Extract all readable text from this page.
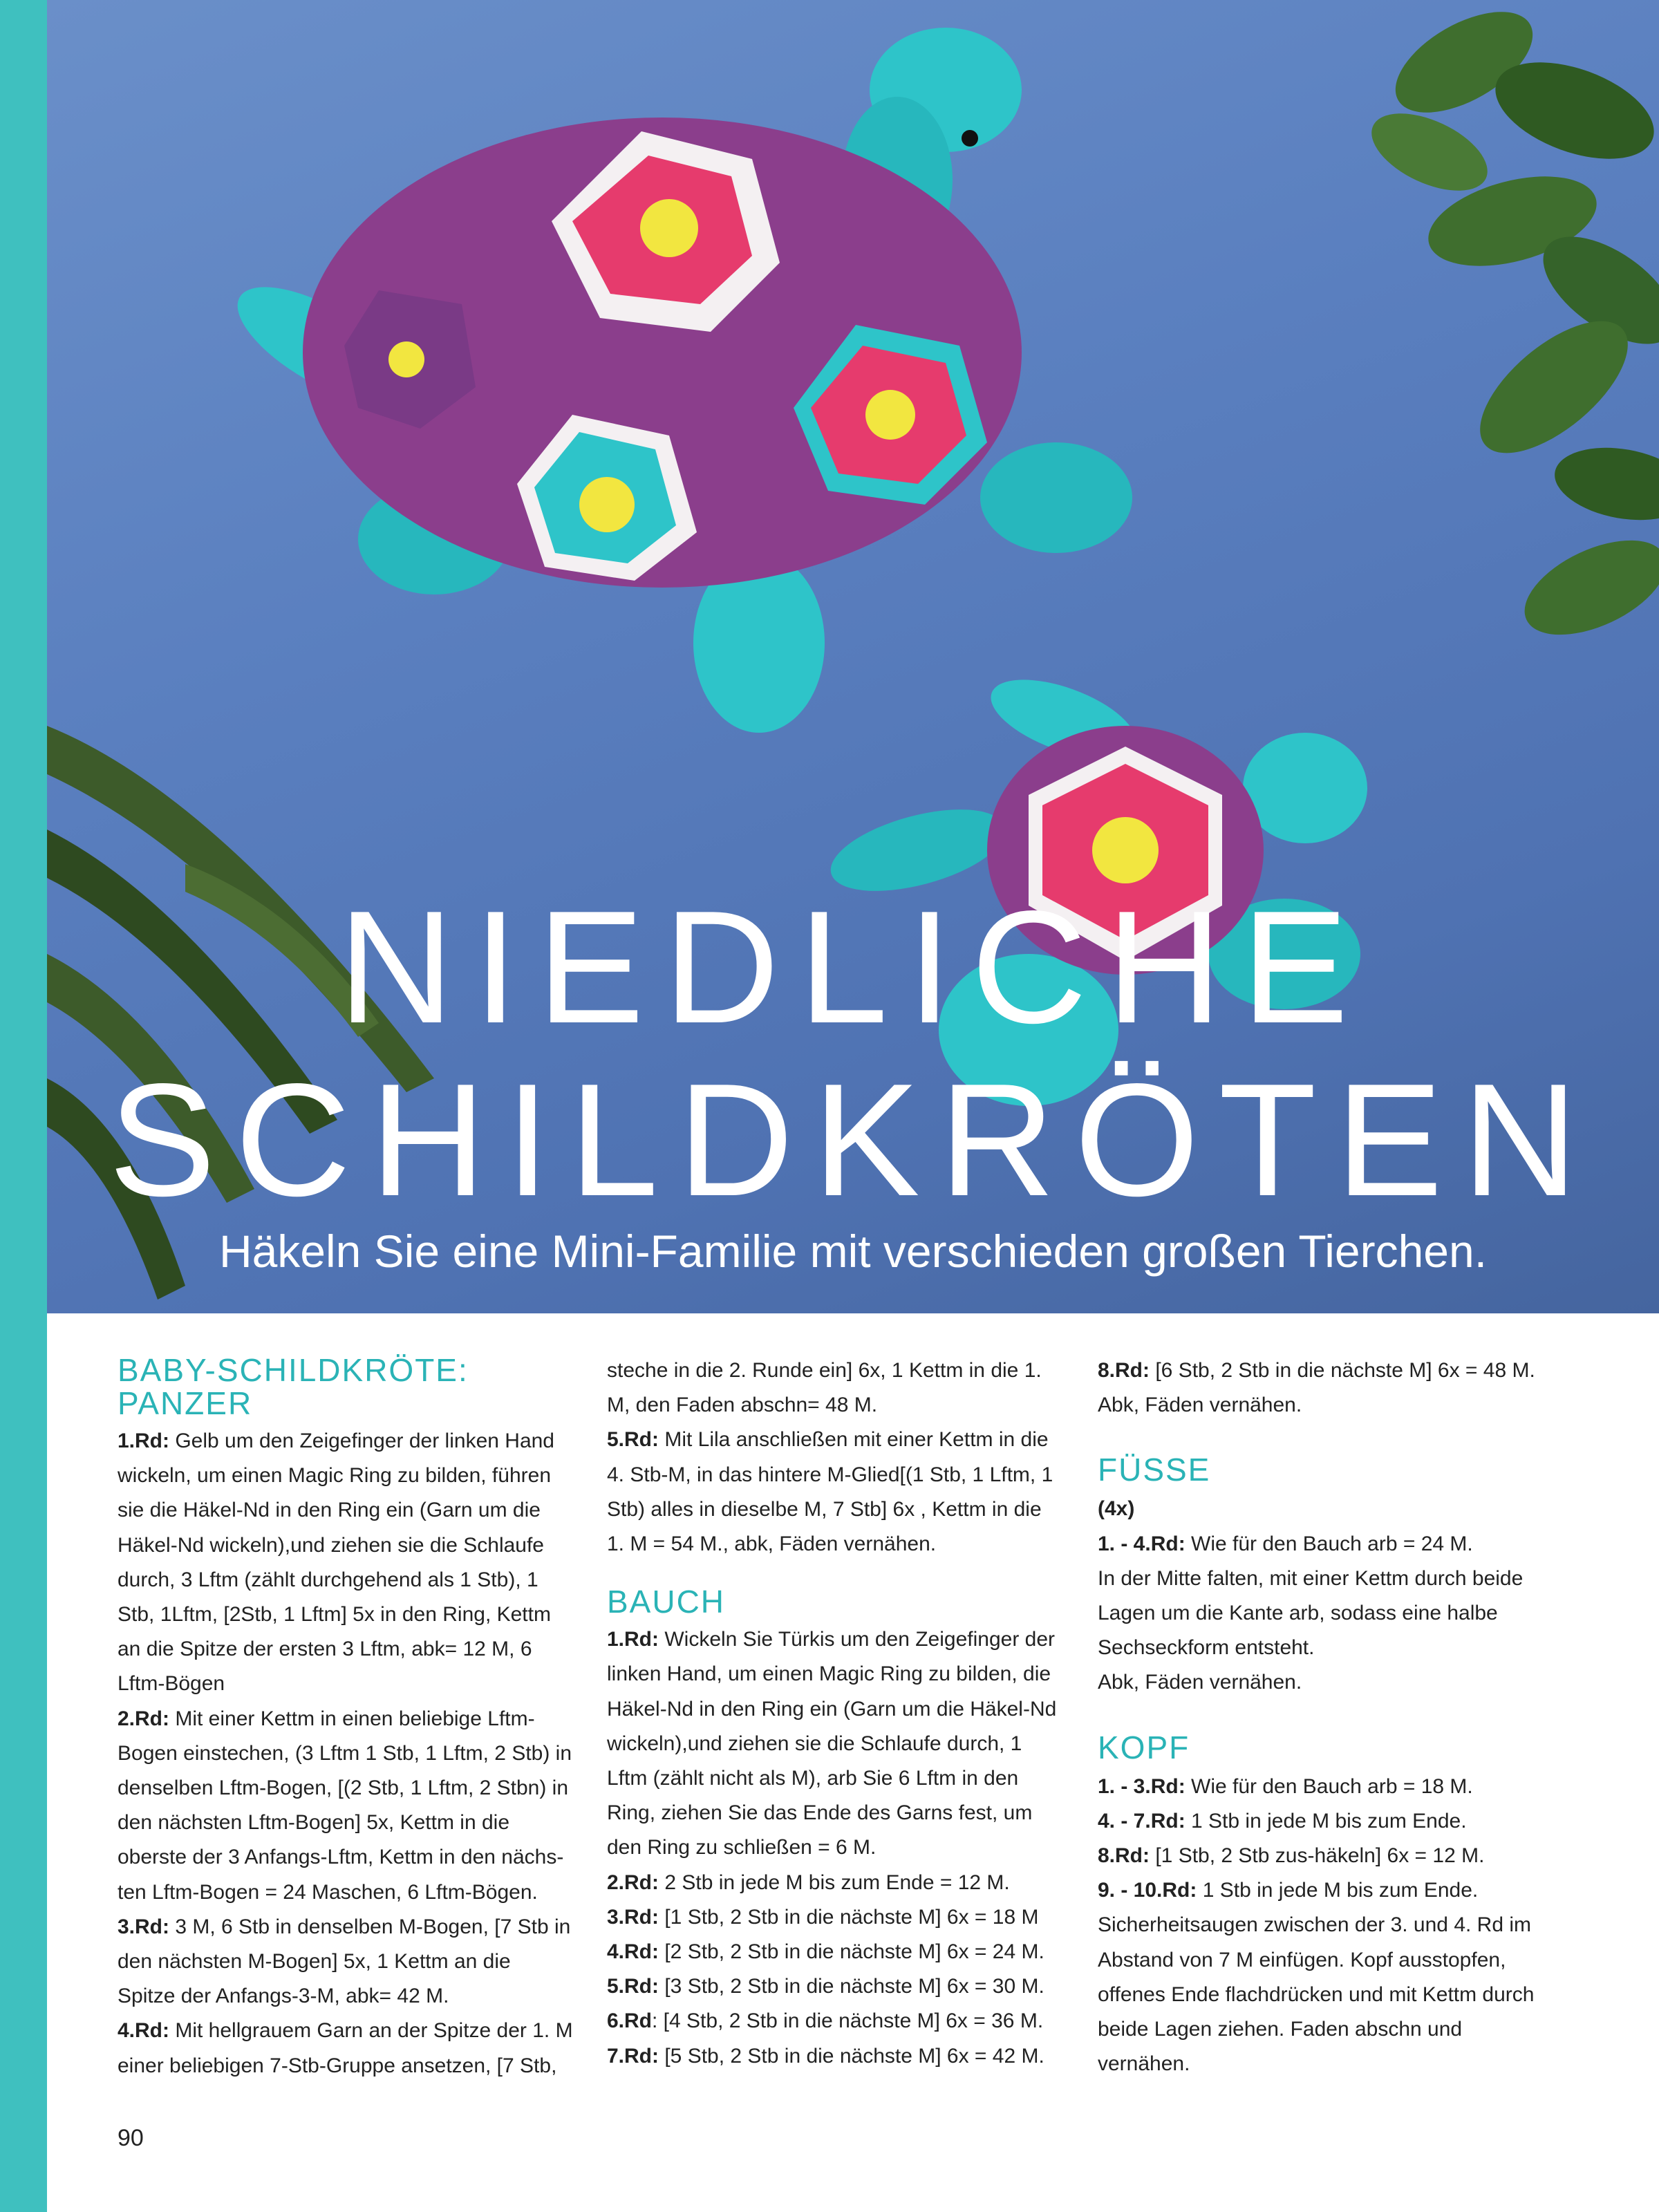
NIEDLICHE
SCHILDKRÖTEN
Häkeln Sie eine Mini-Familie mit verschieden großen Tierchen.
BABY-SCHILDKRÖTE:
PANZER

1.Rd: Gelb um den Zeigefinger der linken Hand wickeln, um einen Magic Ring zu bilden, führen sie die Häkel-Nd in den Ring ein (Garn um die Häkel-Nd wickeln),und ziehen sie die Schlaufe durch, 3 Lftm (zählt durchgehend als 1 Stb), 1 Stb, 1Lftm, [2Stb, 1 Lftm] 5x in den Ring, Kettm an die Spitze der ersten 3 Lftm, abk= 12 M, 6 Lftm-Bögen

2.Rd: Mit einer Kettm in einen beliebige Lftm-Bogen einstechen, (3 Lftm 1 Stb, 1 Lftm, 2 Stb) in denselben Lftm-Bogen, [(2 Stb, 1 Lftm, 2 Stbn) in den nächsten Lftm-Bogen] 5x, Kettm in die oberste der 3 Anfangs-Lftm, Kettm in den nächs-ten Lftm-Bogen = 24 Maschen, 6 Lftm-Bögen.

3.Rd: 3 M, 6 Stb in denselben M-Bogen, [7 Stb in den nächsten M-Bogen] 5x, 1 Kettm an die Spitze der Anfangs-3-M, abk= 42 M.

4.Rd: Mit hellgrauem Garn an der Spitze der 1. M einer beliebigen 7-Stb-Gruppe ansetzen, [7 Stb,

steche in die 2. Runde ein] 6x, 1 Kettm in die 1. M, den Faden abschn= 48 M.

5.Rd: Mit Lila anschließen mit einer Kettm in die 4. Stb-M, in das hintere M-Glied[(1 Stb, 1 Lftm, 1 Stb) alles in dieselbe M, 7 Stb] 6x , Kettm in die 1. M = 54 M., abk, Fäden vernähen.

BAUCH

1.Rd: Wickeln Sie Türkis um den Zeigefinger der linken Hand, um einen Magic Ring zu bilden, die Häkel-Nd in den Ring ein (Garn um die Häkel-Nd wickeln),und ziehen sie die Schlaufe durch, 1 Lftm (zählt nicht als M), arb Sie 6 Lftm in den Ring, ziehen Sie das Ende des Garns fest, um den Ring zu schließen = 6 M.

2.Rd: 2 Stb in jede M bis zum Ende = 12 M.

3.Rd: [1 Stb, 2 Stb in die nächste M] 6x = 18 M

4.Rd: [2 Stb, 2 Stb in die nächste M] 6x = 24 M.

5.Rd: [3 Stb, 2 Stb in die nächste M] 6x = 30 M.

6.Rd: [4 Stb, 2 Stb in die nächste M] 6x = 36 M.

7.Rd: [5 Stb, 2 Stb in die nächste M] 6x = 42 M.

8.Rd: [6 Stb, 2 Stb in die nächste M] 6x = 48 M. Abk, Fäden vernähen.

FÜSSE

(4x)

1. - 4.Rd: Wie für den Bauch arb = 24 M.

In der Mitte falten, mit einer Kettm durch beide Lagen um die Kante arb, sodass eine halbe Sechseckform entsteht.

Abk, Fäden vernähen.

KOPF

1. - 3.Rd: Wie für den Bauch arb = 18 M.

4. - 7.Rd: 1 Stb in jede M bis zum Ende.

8.Rd: [1 Stb, 2 Stb zus-häkeln] 6x = 12 M.

9. - 10.Rd: 1 Stb in jede M bis zum Ende.

Sicherheitsaugen zwischen der 3. und 4. Rd im Abstand von 7 M einfügen. Kopf ausstopfen, offenes Ende flachdrücken und mit Kettm durch beide Lagen ziehen. Faden abschn und vernähen.

90
